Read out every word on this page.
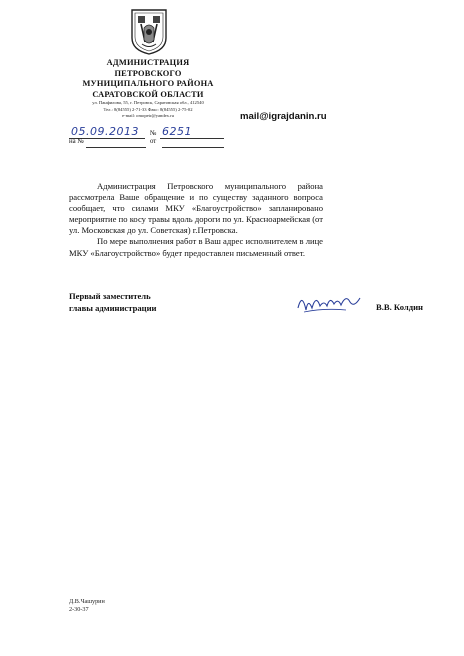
АДМИНИСТРАЦИЯ
ПЕТРОВСКОГО
МУНИЦИПАЛЬНОГО РАЙОНА
САРАТОВСКОЙ ОБЛАСТИ
ул. Панфилова, 55, г. Петровск, Саратовская обл., 412540
Тел.: 8(84555) 2-71-33 Факс: 8(84555) 2-75-02
e-mail: omopetr@yandex.ru	mail@igrajdanin.ru
05.09.2013 № 6251
на №	от

Администрация Петровского муниципального района рассмотрела Ваше обращение и по существу заданного вопроса сообщает, что силами МКУ «Благоустройство» запланировано мероприятие по косу травы вдоль дороги по ул. Красноармейская (от ул. Московская до ул. Советская) г.Петровска.

По мере выполнения работ в Ваш адрес исполнителем в лице МКУ «Благоустройство» будет предоставлен письменный ответ.

Первый заместитель
главы администрации	В.В. Колдин
Д.В.Чашурин
2-30-37
